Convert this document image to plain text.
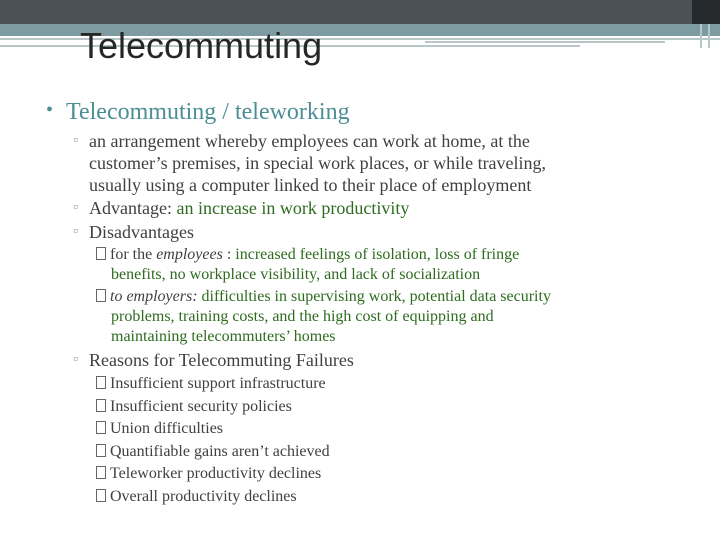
Telecommuting
• Telecommuting / teleworking
▫ an arrangement whereby employees can work at home, at the
customer’s premises, in special work places, or while traveling,
usually using a computer linked to their place of employment
▫ Advantage: an increase in work productivity
▫ Disadvantages
for the employees : increased feelings of isolation, loss of fringe
benefits, no workplace visibility, and lack of socialization
to employers: difficulties in supervising work, potential data security
problems, training costs, and the high cost of equipping and
maintaining telecommuters’ homes
▫ Reasons for Telecommuting Failures
Insufficient support infrastructure
Insufficient security policies
Union difficulties
Quantifiable gains aren’t achieved
Teleworker productivity declines
Overall productivity declines
